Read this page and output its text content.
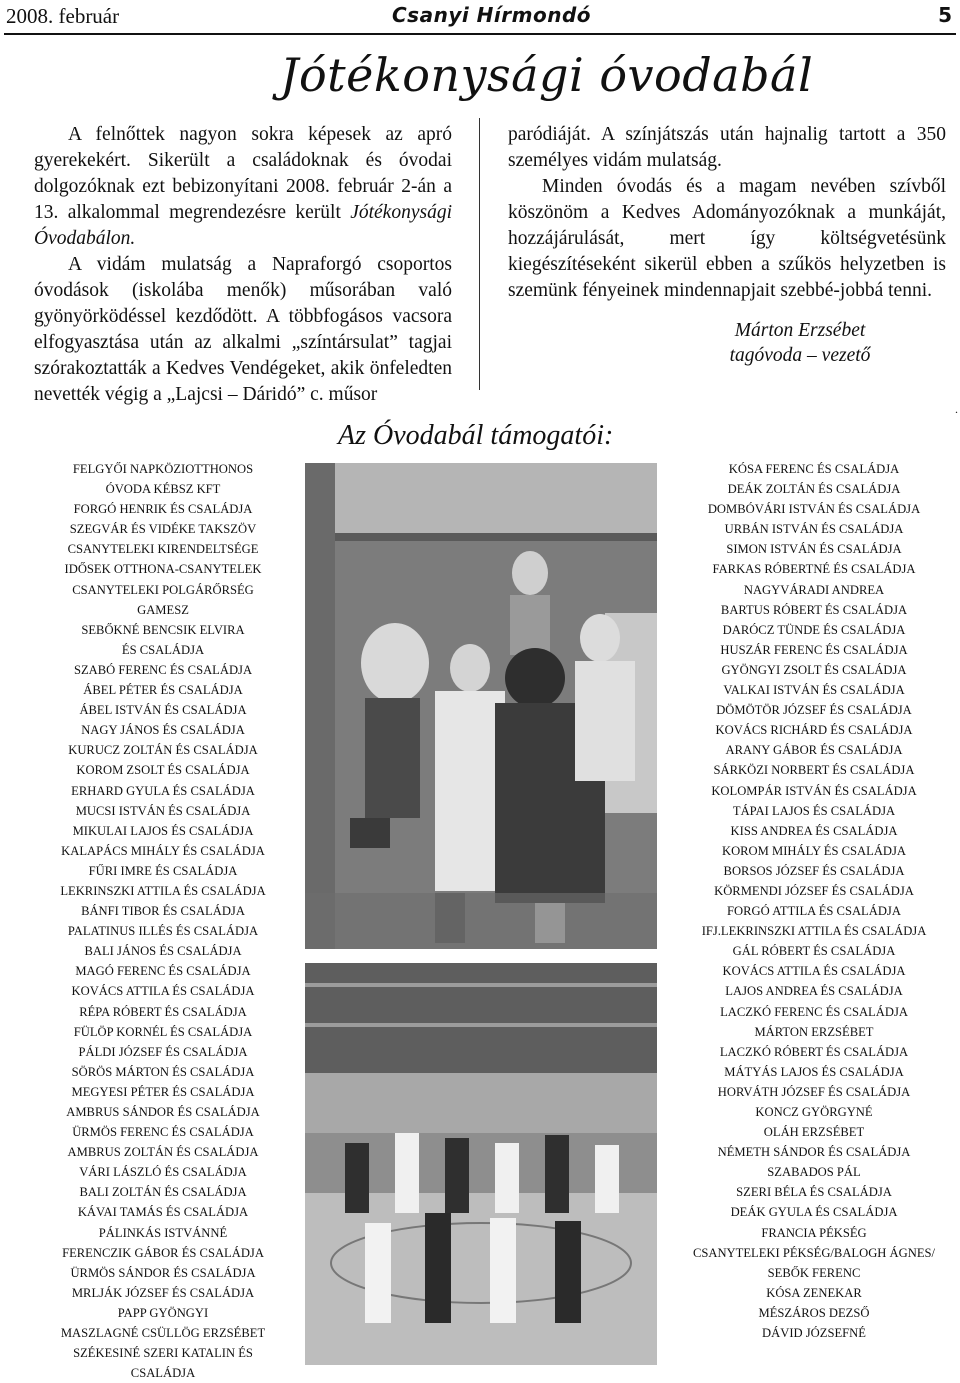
2008. február	Csanyi Hírmondó	5
Jótékonysági óvodabál

A felnőttek nagyon sokra képesek az apró gyerekekért. Sikerült a családoknak és óvodai dolgozóknak ezt bebizonyítani 2008. február 2-án a 13. alkalommal megrendezésre került Jótékonysági Óvodabálon.

A vidám mulatság a Napraforgó csoportos óvodások (iskolába menők) műsorában való gyönyörködéssel kezdődött. A többfogásos vacsora elfogyasztása után az alkalmi „színtársulat” tagjai szórakoztatták a Kedves Vendégeket, akik önfeledten nevették végig a „Lajcsi – Dáridó” c. műsor

paródiáját. A színjátszás után hajnalig tartott a 350 személyes vidám mulatság.

Minden óvodás és a magam nevében szívből köszönöm a Kedves Adományozóknak a munkáját, hozzájárulását, mert így költségvetésünk kiegészítéseként sikerül ebben a szűkös helyzetben is szemünk fényeinek mindennapjait szebbé-jobbá tenni.

Márton Erzsébet
tagóvoda – vezető
.
Az Óvodabál támogatói:
FELGYŐI NAPKÖZIOTTHONOS
ÓVODA KÉBSZ KFT
FORGÓ HENRIK ÉS CSALÁDJA
SZEGVÁR ÉS VIDÉKE TAKSZÖV
CSANYTELEKI KIRENDELTSÉGE
IDŐSEK OTTHONA-CSANYTELEK
CSANYTELEKI POLGÁRŐRSÉG
GAMESZ
SEBŐKNÉ BENCSIK ELVIRA
ÉS CSALÁDJA
SZABÓ FERENC ÉS CSALÁDJA
ÁBEL PÉTER ÉS CSALÁDJA
ÁBEL ISTVÁN ÉS CSALÁDJA
NAGY JÁNOS ÉS CSALÁDJA
KURUCZ ZOLTÁN ÉS CSALÁDJA
KOROM ZSOLT ÉS CSALÁDJA
ERHARD GYULA ÉS CSALÁDJA
MUCSI ISTVÁN ÉS CSALÁDJA
MIKULAI LAJOS ÉS CSALÁDJA
KALAPÁCS MIHÁLY ÉS CSALÁDJA
FŰRI IMRE ÉS CSALÁDJA
LEKRINSZKI ATTILA ÉS CSALÁDJA
BÁNFI TIBOR ÉS CSALÁDJA
PALATINUS ILLÉS ÉS CSALÁDJA
BALI JÁNOS ÉS CSALÁDJA
MAGÓ FERENC ÉS CSALÁDJA
KOVÁCS ATTILA ÉS CSALÁDJA
RÉPA RÓBERT ÉS CSALÁDJA
FÜLÖP KORNÉL ÉS CSALÁDJA
PÁLDI JÓZSEF ÉS CSALÁDJA
SÖRÖS MÁRTON ÉS CSALÁDJA
MEGYESI PÉTER ÉS CSALÁDJA
AMBRUS SÁNDOR ÉS CSALÁDJA
ÜRMÖS FERENC ÉS CSALÁDJA
AMBRUS ZOLTÁN ÉS CSALÁDJA
VÁRI LÁSZLÓ ÉS CSALÁDJA
BALI ZOLTÁN ÉS CSALÁDJA
KÁVAI TAMÁS ÉS CSALÁDJA
PÁLINKÁS ISTVÁNNÉ
FERENCZIK GÁBOR ÉS CSALÁDJA
ÜRMÖS SÁNDOR ÉS CSALÁDJA
MRLJÁK JÓZSEF ÉS CSALÁDJA
PAPP GYÖNGYI
MASZLAGNÉ CSÜLLÖG ERZSÉBET
SZÉKESINÉ SZERI KATALIN ÉS
CSALÁDJA
KÓSA FERENC ÉS CSALÁDJA
DEÁK ZOLTÁN ÉS CSALÁDJA
DOMBÓVÁRI ISTVÁN ÉS CSALÁDJA
URBÁN ISTVÁN ÉS CSALÁDJA
SIMON ISTVÁN ÉS CSALÁDJA
FARKAS RÓBERTNÉ ÉS CSALÁDJA
NAGYVÁRADI ANDREA
BARTUS RÓBERT ÉS CSALÁDJA
DARÓCZ TÜNDE ÉS CSALÁDJA
HUSZÁR FERENC ÉS CSALÁDJA
GYÖNGYI ZSOLT ÉS CSALÁDJA
VALKAI ISTVÁN ÉS CSALÁDJA
DÖMÖTÖR JÓZSEF ÉS CSALÁDJA
KOVÁCS RICHÁRD ÉS CSALÁDJA
ARANY GÁBOR ÉS CSALÁDJA
SÁRKÖZI NORBERT ÉS CSALÁDJA
KOLOMPÁR ISTVÁN ÉS CSALÁDJA
TÁPAI LAJOS ÉS CSALÁDJA
KISS ANDREA ÉS CSALÁDJA
KOROM MIHÁLY ÉS CSALÁDJA
BORSOS JÓZSEF ÉS CSALÁDJA
KÖRMENDI JÓZSEF ÉS CSALÁDJA
FORGÓ ATTILA ÉS CSALÁDJA
IFJ.LEKRINSZKI ATTILA ÉS CSALÁDJA
GÁL RÓBERT ÉS CSALÁDJA
KOVÁCS ATTILA ÉS CSALÁDJA
LAJOS ANDREA ÉS CSALÁDJA
LACZKÓ FERENC ÉS CSALÁDJA
MÁRTON ERZSÉBET
LACZKÓ RÓBERT ÉS CSALÁDJA
MÁTYÁS LAJOS ÉS CSALÁDJA
HORVÁTH JÓZSEF ÉS CSALÁDJA
KONCZ GYÖRGYNÉ
OLÁH ERZSÉBET
NÉMETH SÁNDOR ÉS CSALÁDJA
SZABADOS PÁL
SZERI BÉLA ÉS CSALÁDJA
DEÁK GYULA ÉS CSALÁDJA
FRANCIA PÉKSÉG
CSANYTELEKI PÉKSÉG/BALOGH ÁGNES/
SEBŐK FERENC
KÓSA ZENEKAR
MÉSZÁROS DEZSŐ
DÁVID JÓZSEFNÉ
